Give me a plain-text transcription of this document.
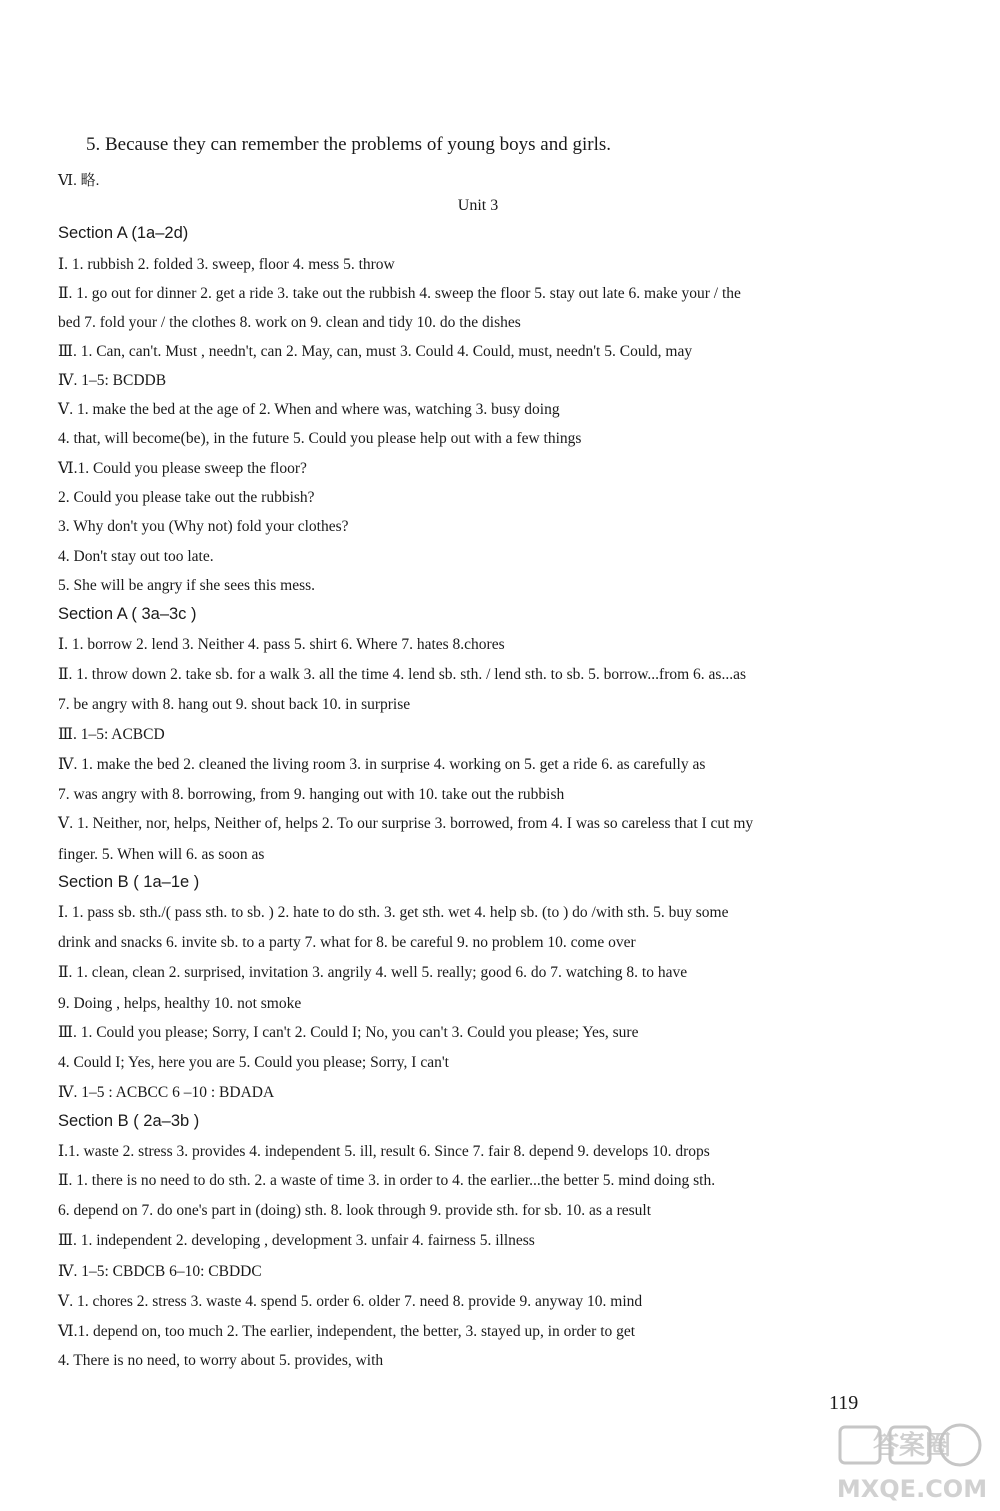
5. Because they can remember the problems of young boys and girls.
Ⅵ. 略.
Unit 3
Section A (1a–2d)
Ⅰ. 1. rubbish 2. folded 3. sweep, floor 4. mess 5. throw
Ⅱ. 1. go out for dinner 2. get a ride 3. take out the rubbish 4. sweep the floor 5. stay out late 6. make your / the
bed 7. fold your / the clothes 8. work on 9. clean and tidy 10. do the dishes
Ⅲ. 1. Can, can't. Must , needn't, can 2. May, can, must 3. Could 4. Could, must, needn't 5. Could, may
Ⅳ. 1–5: BCDDB
Ⅴ. 1. make the bed at the age of 2. When and where was, watching 3. busy doing
4. that, will become(be), in the future 5. Could you please help out with a few things
Ⅵ.1. Could you please sweep the floor?
2. Could you please take out the rubbish?
3. Why don't you (Why not) fold your clothes?
4. Don't stay out too late.
5. She will be angry if she sees this mess.
Section A ( 3a–3c )
Ⅰ. 1. borrow 2. lend 3. Neither 4. pass 5. shirt 6. Where 7. hates 8.chores
Ⅱ. 1. throw down 2. take sb. for a walk 3. all the time 4. lend sb. sth. / lend sth. to sb. 5. borrow...from 6. as...as
7. be angry with 8. hang out 9. shout back 10. in surprise
Ⅲ. 1–5: ACBCD
Ⅳ. 1. make the bed 2. cleaned the living room 3. in surprise 4. working on 5. get a ride 6. as carefully as
7. was angry with 8. borrowing, from 9. hanging out with 10. take out the rubbish
Ⅴ. 1. Neither, nor, helps, Neither of, helps 2. To our surprise 3. borrowed, from 4. I was so careless that I cut my
finger. 5. When will 6. as soon as
Section B ( 1a–1e )
Ⅰ. 1. pass sb. sth./( pass sth. to sb. ) 2. hate to do sth. 3. get sth. wet 4. help sb. (to ) do /with sth. 5. buy some
drink and snacks 6. invite sb. to a party 7. what for 8. be careful 9. no problem 10. come over
Ⅱ. 1. clean, clean 2. surprised, invitation 3. angrily 4. well 5. really; good 6. do 7. watching 8. to have
9. Doing , helps, healthy 10. not smoke
Ⅲ. 1. Could you please; Sorry, I can't 2. Could I; No, you can't 3. Could you please; Yes, sure
4. Could I; Yes, here you are 5. Could you please; Sorry, I can't
Ⅳ. 1–5 : ACBCC 6 –10 : BDADA
Section B ( 2a–3b )
Ⅰ.1. waste 2. stress 3. provides 4. independent 5. ill, result 6. Since 7. fair 8. depend 9. develops 10. drops
Ⅱ. 1. there is no need to do sth. 2. a waste of time 3. in order to 4. the earlier...the better 5. mind doing sth.
6. depend on 7. do one's part in (doing) sth. 8. look through 9. provide sth. for sb. 10. as a result
Ⅲ. 1. independent 2. developing , development 3. unfair 4. fairness 5. illness
Ⅳ. 1–5: CBDCB 6–10: CBDDC
Ⅴ. 1. chores 2. stress 3. waste 4. spend 5. order 6. older 7. need 8. provide 9. anyway 10. mind
Ⅵ.1. depend on, too much 2. The earlier, independent, the better, 3. stayed up, in order to get
4. There is no need, to worry about 5. provides, with
119
答案圈
MXQE.COM
